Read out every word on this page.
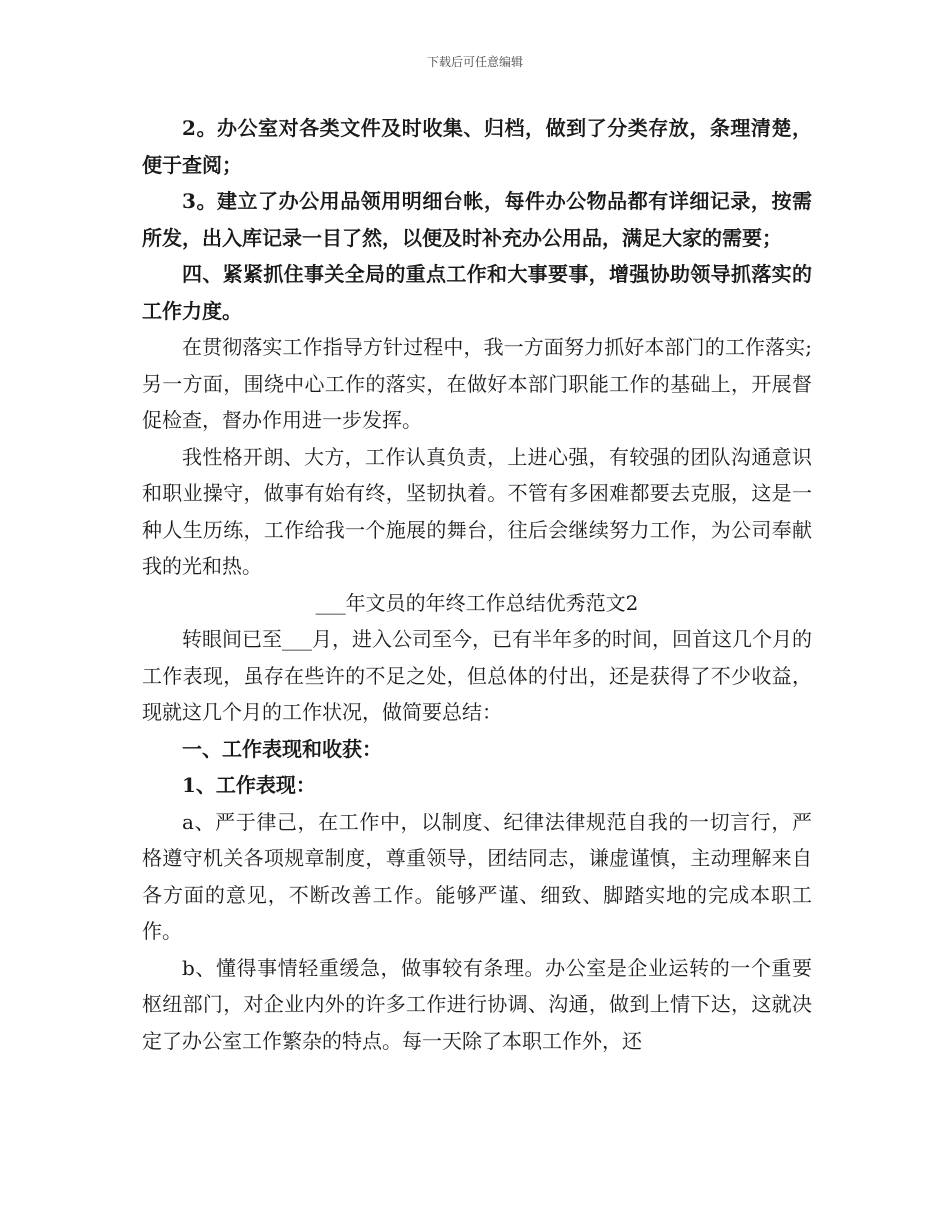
下载后可任意编辑

2。办公室对各类文件及时收集、归档，做到了分类存放，条理清楚，便于查阅；

3。建立了办公用品领用明细台帐，每件办公物品都有详细记录，按需所发，出入库记录一目了然，以便及时补充办公用品，满足大家的需要；

四、紧紧抓住事关全局的重点工作和大事要事，增强协助领导抓落实的工作力度。

在贯彻落实工作指导方针过程中，我一方面努力抓好本部门的工作落实;另一方面，围绕中心工作的落实，在做好本部门职能工作的基础上，开展督促检查，督办作用进一步发挥。

我性格开朗、大方，工作认真负责，上进心强，有较强的团队沟通意识和职业操守，做事有始有终，坚韧执着。不管有多困难都要去克服，这是一种人生历练，工作给我一个施展的舞台，往后会继续努力工作，为公司奉献我的光和热。

___年文员的年终工作总结优秀范文2

转眼间已至___月，进入公司至今，已有半年多的时间，回首这几个月的工作表现，虽存在些许的不足之处，但总体的付出，还是获得了不少收益，现就这几个月的工作状况，做简要总结：

一、工作表现和收获：

1、工作表现：

a、严于律己，在工作中，以制度、纪律法律规范自我的一切言行，严格遵守机关各项规章制度，尊重领导，团结同志，谦虚谨慎，主动理解来自各方面的意见，不断改善工作。能够严谨、细致、脚踏实地的完成本职工作。

b、懂得事情轻重缓急，做事较有条理。办公室是企业运转的一个重要枢纽部门，对企业内外的许多工作进行协调、沟通，做到上情下达，这就决定了办公室工作繁杂的特点。每一天除了本职工作外，还
